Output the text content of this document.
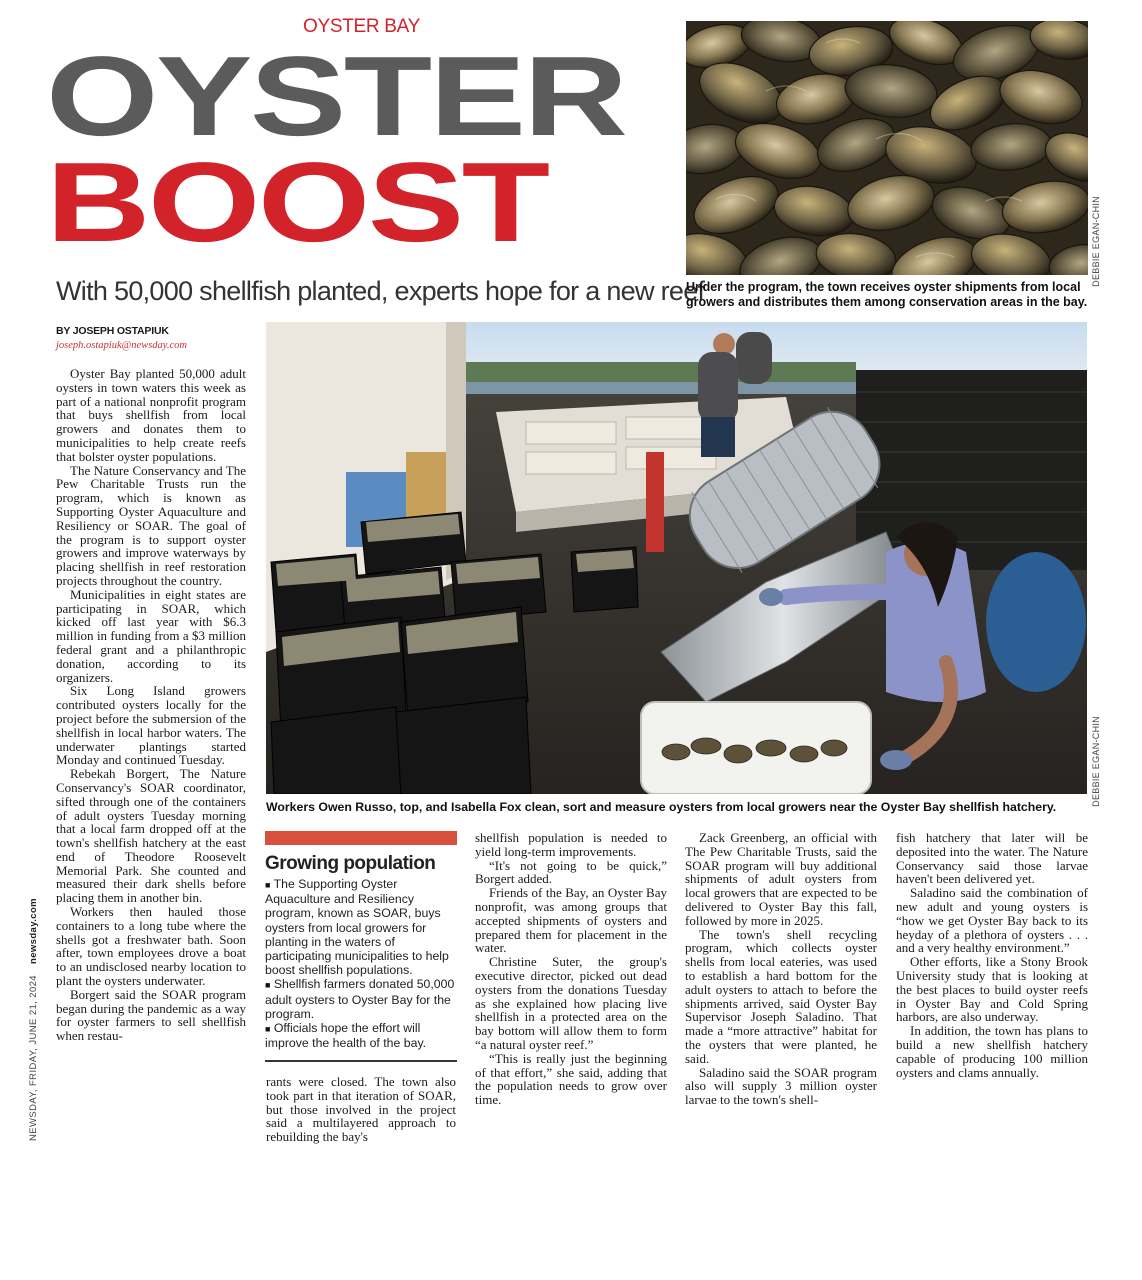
OYSTER BAY
OYSTER
BOOST
With 50,000 shellfish planted, experts hope for a new reef
DEBBIE EGAN-CHIN
Under the program, the town receives oyster shipments from local growers and distributes them among conservation areas in the bay.
BY JOSEPH OSTAPIUK
joseph.ostapiuk@newsday.com
DEBBIE EGAN-CHIN
Workers Owen Russo, top, and Isabella Fox clean, sort and measure oysters from local growers near the Oyster Bay shellfish hatchery.
newsday.com
NEWSDAY, FRIDAY, JUNE 21, 2024

Oyster Bay planted 50,000 adult oysters in town waters this week as part of a national nonprofit program that buys shellfish from local growers and donates them to municipalities to help create reefs that bolster oyster populations.

The Nature Conservancy and The Pew Charitable Trusts run the program, which is known as Supporting Oyster Aquaculture and Resiliency or SOAR. The goal of the program is to support oyster growers and improve waterways by placing shellfish in reef restoration projects throughout the country.

Municipalities in eight states are participating in SOAR, which kicked off last year with $6.3 million in funding from a $3 million federal grant and a philanthropic donation, according to its organizers.

Six Long Island growers contributed oysters locally for the project before the submersion of the shellfish in local harbor waters. The underwater plantings started Monday and continued Tuesday.

Rebekah Borgert, The Nature Conservancy's SOAR coordinator, sifted through one of the containers of adult oysters Tuesday morning that a local farm dropped off at the town's shellfish hatchery at the east end of Theodore Roosevelt Memorial Park. She counted and measured their dark shells before placing them in another bin.

Workers then hauled those containers to a long tube where the shells got a freshwater bath. Soon after, town employees drove a boat to an undisclosed nearby location to plant the oysters underwater.

Borgert said the SOAR program began during the pandemic as a way for oyster farmers to sell shellfish when restau-

Growing population

■ The Supporting Oyster Aquaculture and Resiliency program, known as SOAR, buys oysters from local growers for planting in the waters of participating municipalities to help boost shellfish populations.

■ Shellfish farmers donated 50,000 adult oysters to Oyster Bay for the program.

■ Officials hope the effort will improve the health of the bay.

rants were closed. The town also took part in that iteration of SOAR, but those involved in the project said a multilayered approach to rebuilding the bay's

shellfish population is needed to yield long-term improvements.

“It's not going to be quick,” Borgert added.

Friends of the Bay, an Oyster Bay nonprofit, was among groups that accepted shipments of oysters and prepared them for placement in the water.

Christine Suter, the group's executive director, picked out dead oysters from the donations Tuesday as she explained how placing live shellfish in a protected area on the bay bottom will allow them to form “a natural oyster reef.”

“This is really just the beginning of that effort,” she said, adding that the population needs to grow over time.

Zack Greenberg, an official with The Pew Charitable Trusts, said the SOAR program will buy additional shipments of adult oysters from local growers that are expected to be delivered to Oyster Bay this fall, followed by more in 2025.

The town's shell recycling program, which collects oyster shells from local eateries, was used to establish a hard bottom for the adult oysters to attach to before the shipments arrived, said Oyster Bay Supervisor Joseph Saladino. That made a “more attractive” habitat for the oysters that were planted, he said.

Saladino said the SOAR program also will supply 3 million oyster larvae to the town's shell-

fish hatchery that later will be deposited into the water. The Nature Conservancy said those larvae haven't been delivered yet.

Saladino said the combination of new adult and young oysters is “how we get Oyster Bay back to its heyday of a plethora of oysters . . . and a very healthy environment.”

Other efforts, like a Stony Brook University study that is looking at the best places to build oyster reefs in Oyster Bay and Cold Spring harbors, are also underway.

In addition, the town has plans to build a new shellfish hatchery capable of producing 100 million oysters and clams annually.
